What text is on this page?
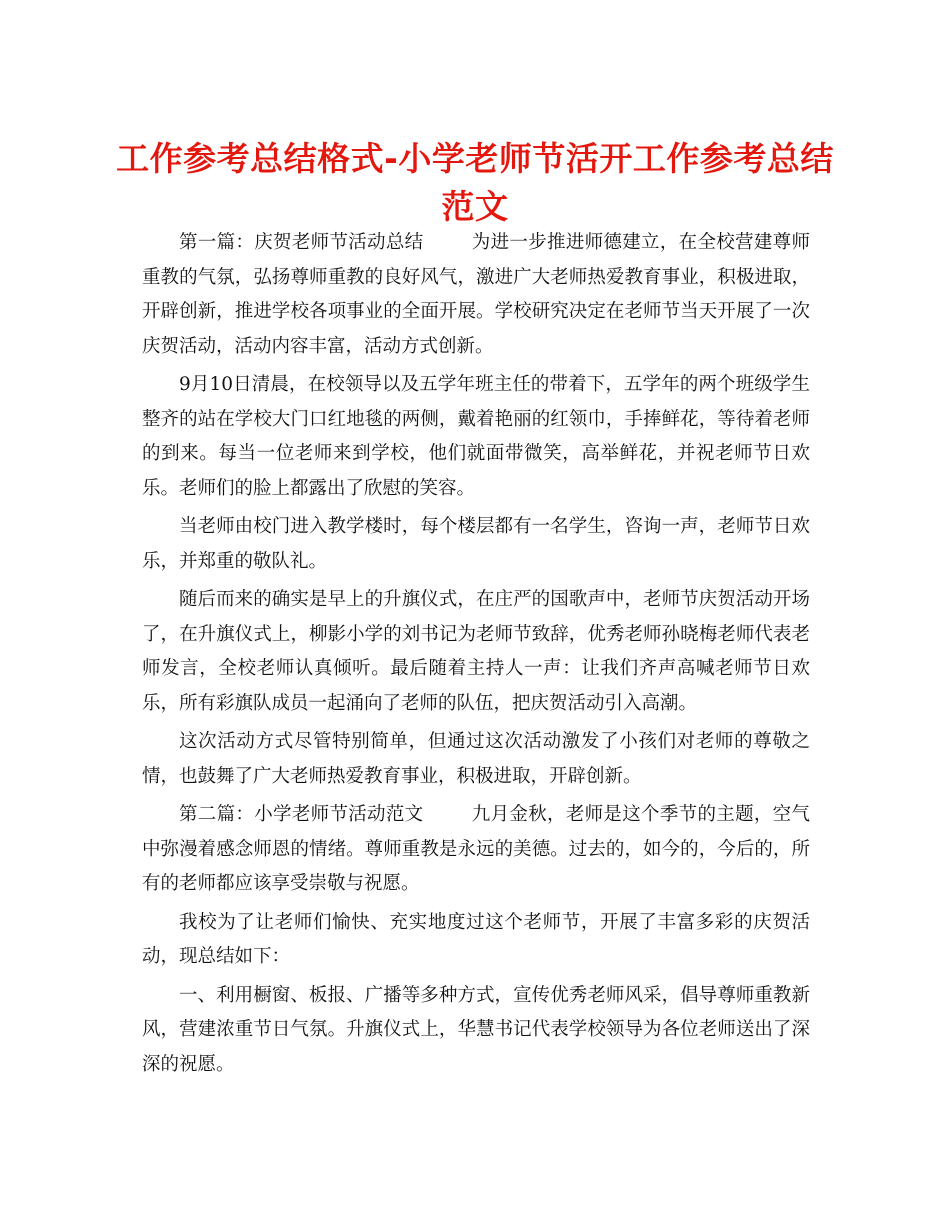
工作参考总结格式-小学老师节活开工作参考总结范文

第一篇：庆贺老师节活动总结	为进一步推进师德建立，在全校营建尊师重教的气氛，弘扬尊师重教的良好风气，激进广大老师热爱教育事业，积极进取，开辟创新，推进学校各项事业的全面开展。学校研究决定在老师节当天开展了一次庆贺活动，活动内容丰富，活动方式创新。

9月10日清晨，在校领导以及五学年班主任的带着下，五学年的两个班级学生整齐的站在学校大门口红地毯的两侧，戴着艳丽的红领巾，手捧鲜花，等待着老师的到来。每当一位老师来到学校，他们就面带微笑，高举鲜花，并祝老师节日欢乐。老师们的脸上都露出了欣慰的笑容。

当老师由校门进入教学楼时，每个楼层都有一名学生，咨询一声，老师节日欢乐，并郑重的敬队礼。

随后而来的确实是早上的升旗仪式，在庄严的国歌声中，老师节庆贺活动开场了，在升旗仪式上，柳影小学的刘书记为老师节致辞，优秀老师孙晓梅老师代表老师发言，全校老师认真倾听。最后随着主持人一声：让我们齐声高喊老师节日欢乐，所有彩旗队成员一起涌向了老师的队伍，把庆贺活动引入高潮。

这次活动方式尽管特别简单，但通过这次活动激发了小孩们对老师的尊敬之情，也鼓舞了广大老师热爱教育事业，积极进取，开辟创新。

第二篇：小学老师节活动范文	九月金秋，老师是这个季节的主题，空气中弥漫着感念师恩的情绪。尊师重教是永远的美德。过去的，如今的，今后的，所有的老师都应该享受崇敬与祝愿。

我校为了让老师们愉快、充实地度过这个老师节，开展了丰富多彩的庆贺活动，现总结如下：

一、利用橱窗、板报、广播等多种方式，宣传优秀老师风采，倡导尊师重教新风，营建浓重节日气氛。升旗仪式上，华慧书记代表学校领导为各位老师送出了深深的祝愿。
